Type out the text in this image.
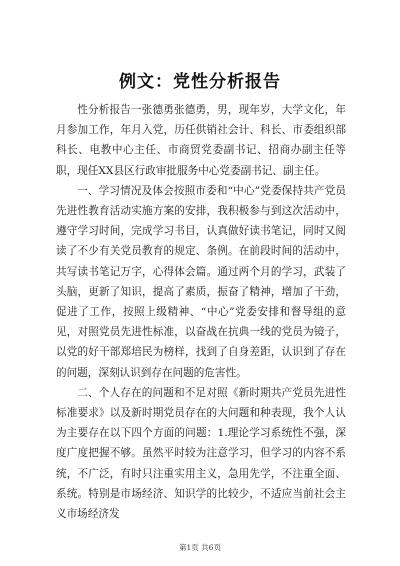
例文：党性分析报告

性分析报告一张德勇张德勇，男，现年岁，大学文化，年月参加工作，年月入党，历任供销社会计、科长、市委组织部科长、电教中心主任、市商贸党委副书记、招商办副主任等职，现任XX县区行政审批服务中心党委副书记、副主任。

一、学习情况及体会按照市委和“中心”党委保持共产党员先进性教育活动实施方案的安排，我积极参与到这次活动中，遵守学习时间，完成学习书目，认真做好读书笔记，同时又阅读了不少有关党员教育的规定、条例。在前段时间的活动中，共写读书笔记万字，心得体会篇。通过两个月的学习，武装了头脑，更新了知识，提高了素质，振奋了精神，增加了干劲，促进了工作，按照上级精神、“中心”党委安排和督导组的意见，对照党员先进性标准，以奋战在抗典一线的党员为镜子，以党的好干部郑培民为榜样，找到了自身差距，认识到了存在的问题，深刻认识到存在问题的危害性。

二、个人存在的问题和不足对照《新时期共产党员先进性标准要求》以及新时期党员存在的大问题和种表现，我个人认为主要存在以下四个方面的问题：1.理论学习系统性不强，深度广度把握不够。虽然平时较为注意学习，但学习的内容不系统，不广泛，有时只注重实用主义，急用先学，不注重全面、系统。特别是市场经济、知识学的比较少，不适应当前社会主义市场经济发

第1页 共6页
